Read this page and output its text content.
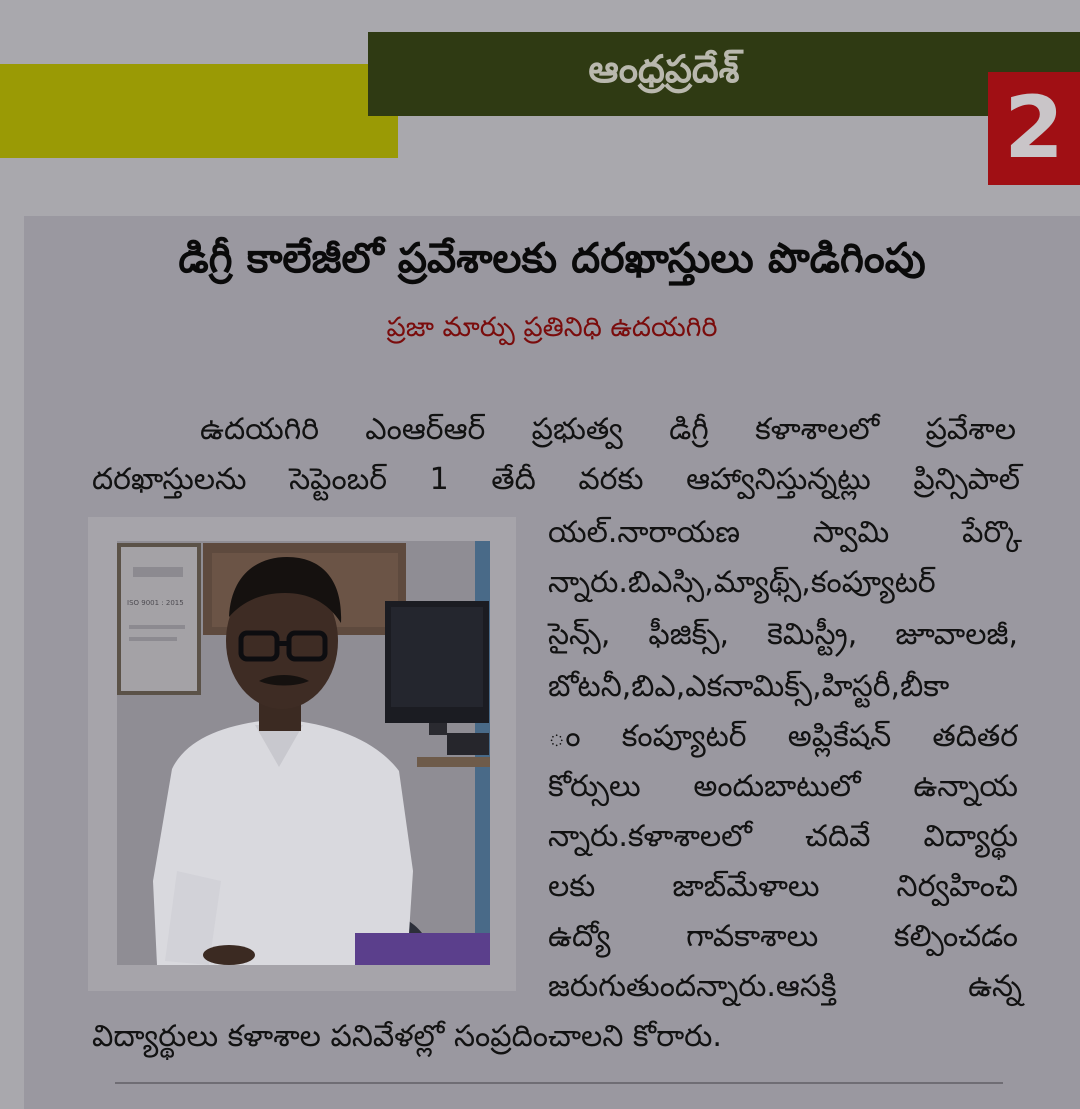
ఆంధ్రప్రదేశ్
2
డిగ్రీ కాలేజీలో ప్రవేశాలకు దరఖాస్తులు పొడిగింపు
ప్రజా మార్పు ప్రతినిధి ఉదయగిరి
ఉదయగిరి ఎంఆర్ఆర్ ప్రభుత్వ డిగ్రీ కళాశాలలో ప్రవేశాల
దరఖాస్తులను సెప్టెంబర్ 1 తేదీ వరకు ఆహ్వానిస్తున్నట్లు ప్రిన్సిపాల్
ISO 9001 : 2015
యల్.నారాయణ స్వామి పేర్కొ
న్నారు.బిఎస్సి,మ్యాథ్స్,కంప్యూటర్
సైన్స్, ఫీజిక్స్, కెమిస్ట్రీ, జూవాలజీ,
బోటనీ,బిఎ,ఎకనామిక్స్,హిస్టరీ,బీకా
ం కంప్యూటర్ అప్లికేషన్ తదితర
కోర్సులు అందుబాటులో ఉన్నాయ
న్నారు.కళాశాలలో చదివే విద్యార్థు
లకు జాబ్‌మేళాలు నిర్వహించి
ఉద్యో గావకాశాలు కల్పించడం
జరుగుతుందన్నారు.ఆసక్తి ఉన్న
విద్యార్థులు కళాశాల పనివేళల్లో సంప్రదించాలని కోరారు.
